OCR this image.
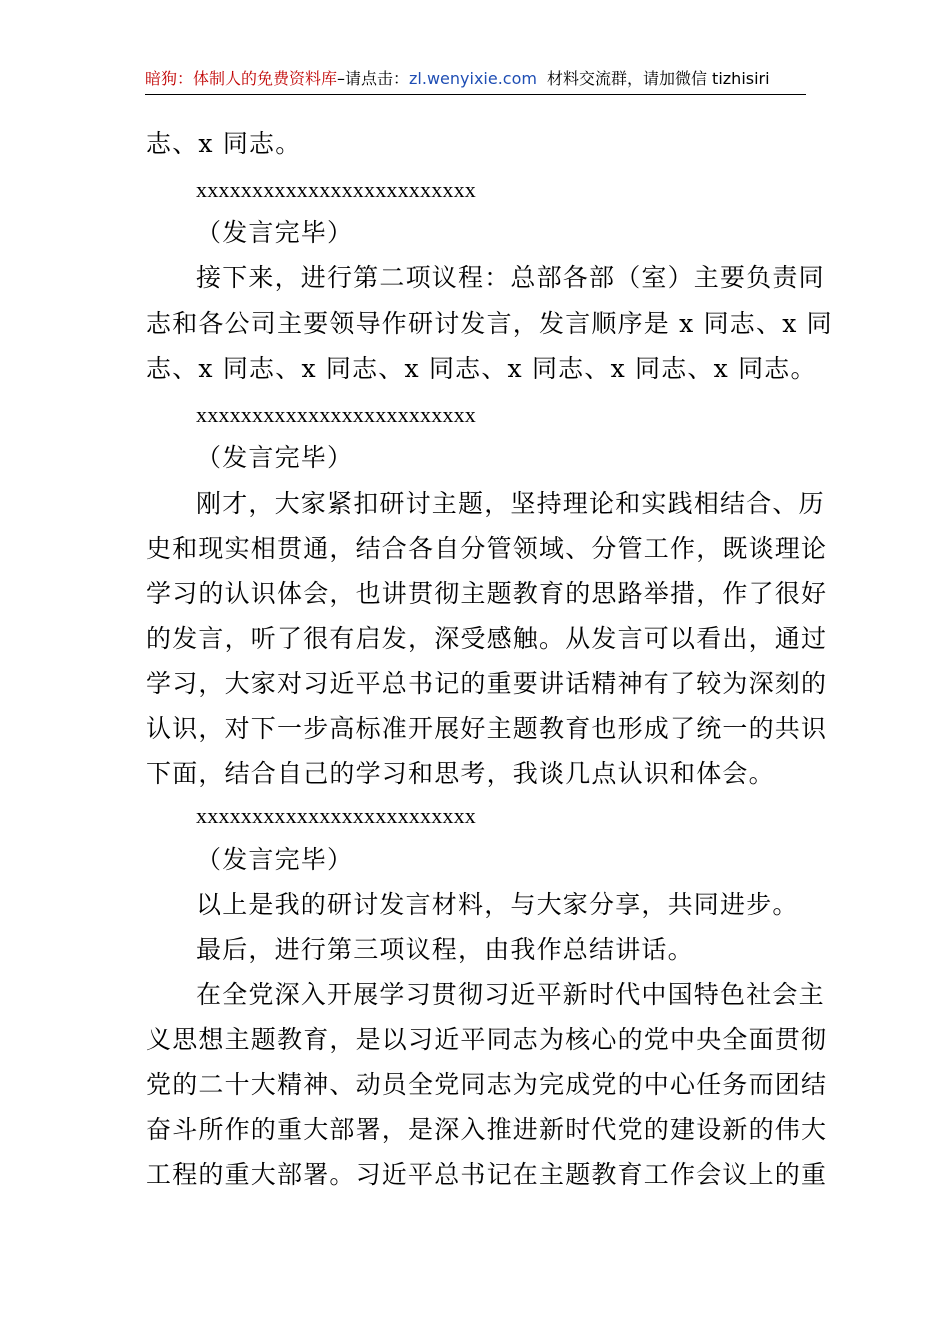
暗狗：体制人的免费资料库–请点击：zl.wenyixie.com 材料交流群，请加微信 tizhisiri
志、x 同志。
xxxxxxxxxxxxxxxxxxxxxxxxx
（发言完毕）
接下来，进行第二项议程：总部各部（室）主要负责同
志和各公司主要领导作研讨发言，发言顺序是 x 同志、x 同
志、x 同志、x 同志、x 同志、x 同志、x 同志、x 同志。
xxxxxxxxxxxxxxxxxxxxxxxxx
（发言完毕）
刚才，大家紧扣研讨主题，坚持理论和实践相结合、历
史和现实相贯通，结合各自分管领域、分管工作，既谈理论
学习的认识体会，也讲贯彻主题教育的思路举措，作了很好
的发言，听了很有启发，深受感触。从发言可以看出，通过
学习，大家对习近平总书记的重要讲话精神有了较为深刻的
认识，对下一步高标准开展好主题教育也形成了统一的共识
下面，结合自己的学习和思考，我谈几点认识和体会。
xxxxxxxxxxxxxxxxxxxxxxxxx
（发言完毕）
以上是我的研讨发言材料，与大家分享，共同进步。
最后，进行第三项议程，由我作总结讲话。
在全党深入开展学习贯彻习近平新时代中国特色社会主
义思想主题教育，是以习近平同志为核心的党中央全面贯彻
党的二十大精神、动员全党同志为完成党的中心任务而团结
奋斗所作的重大部署，是深入推进新时代党的建设新的伟大
工程的重大部署。习近平总书记在主题教育工作会议上的重
